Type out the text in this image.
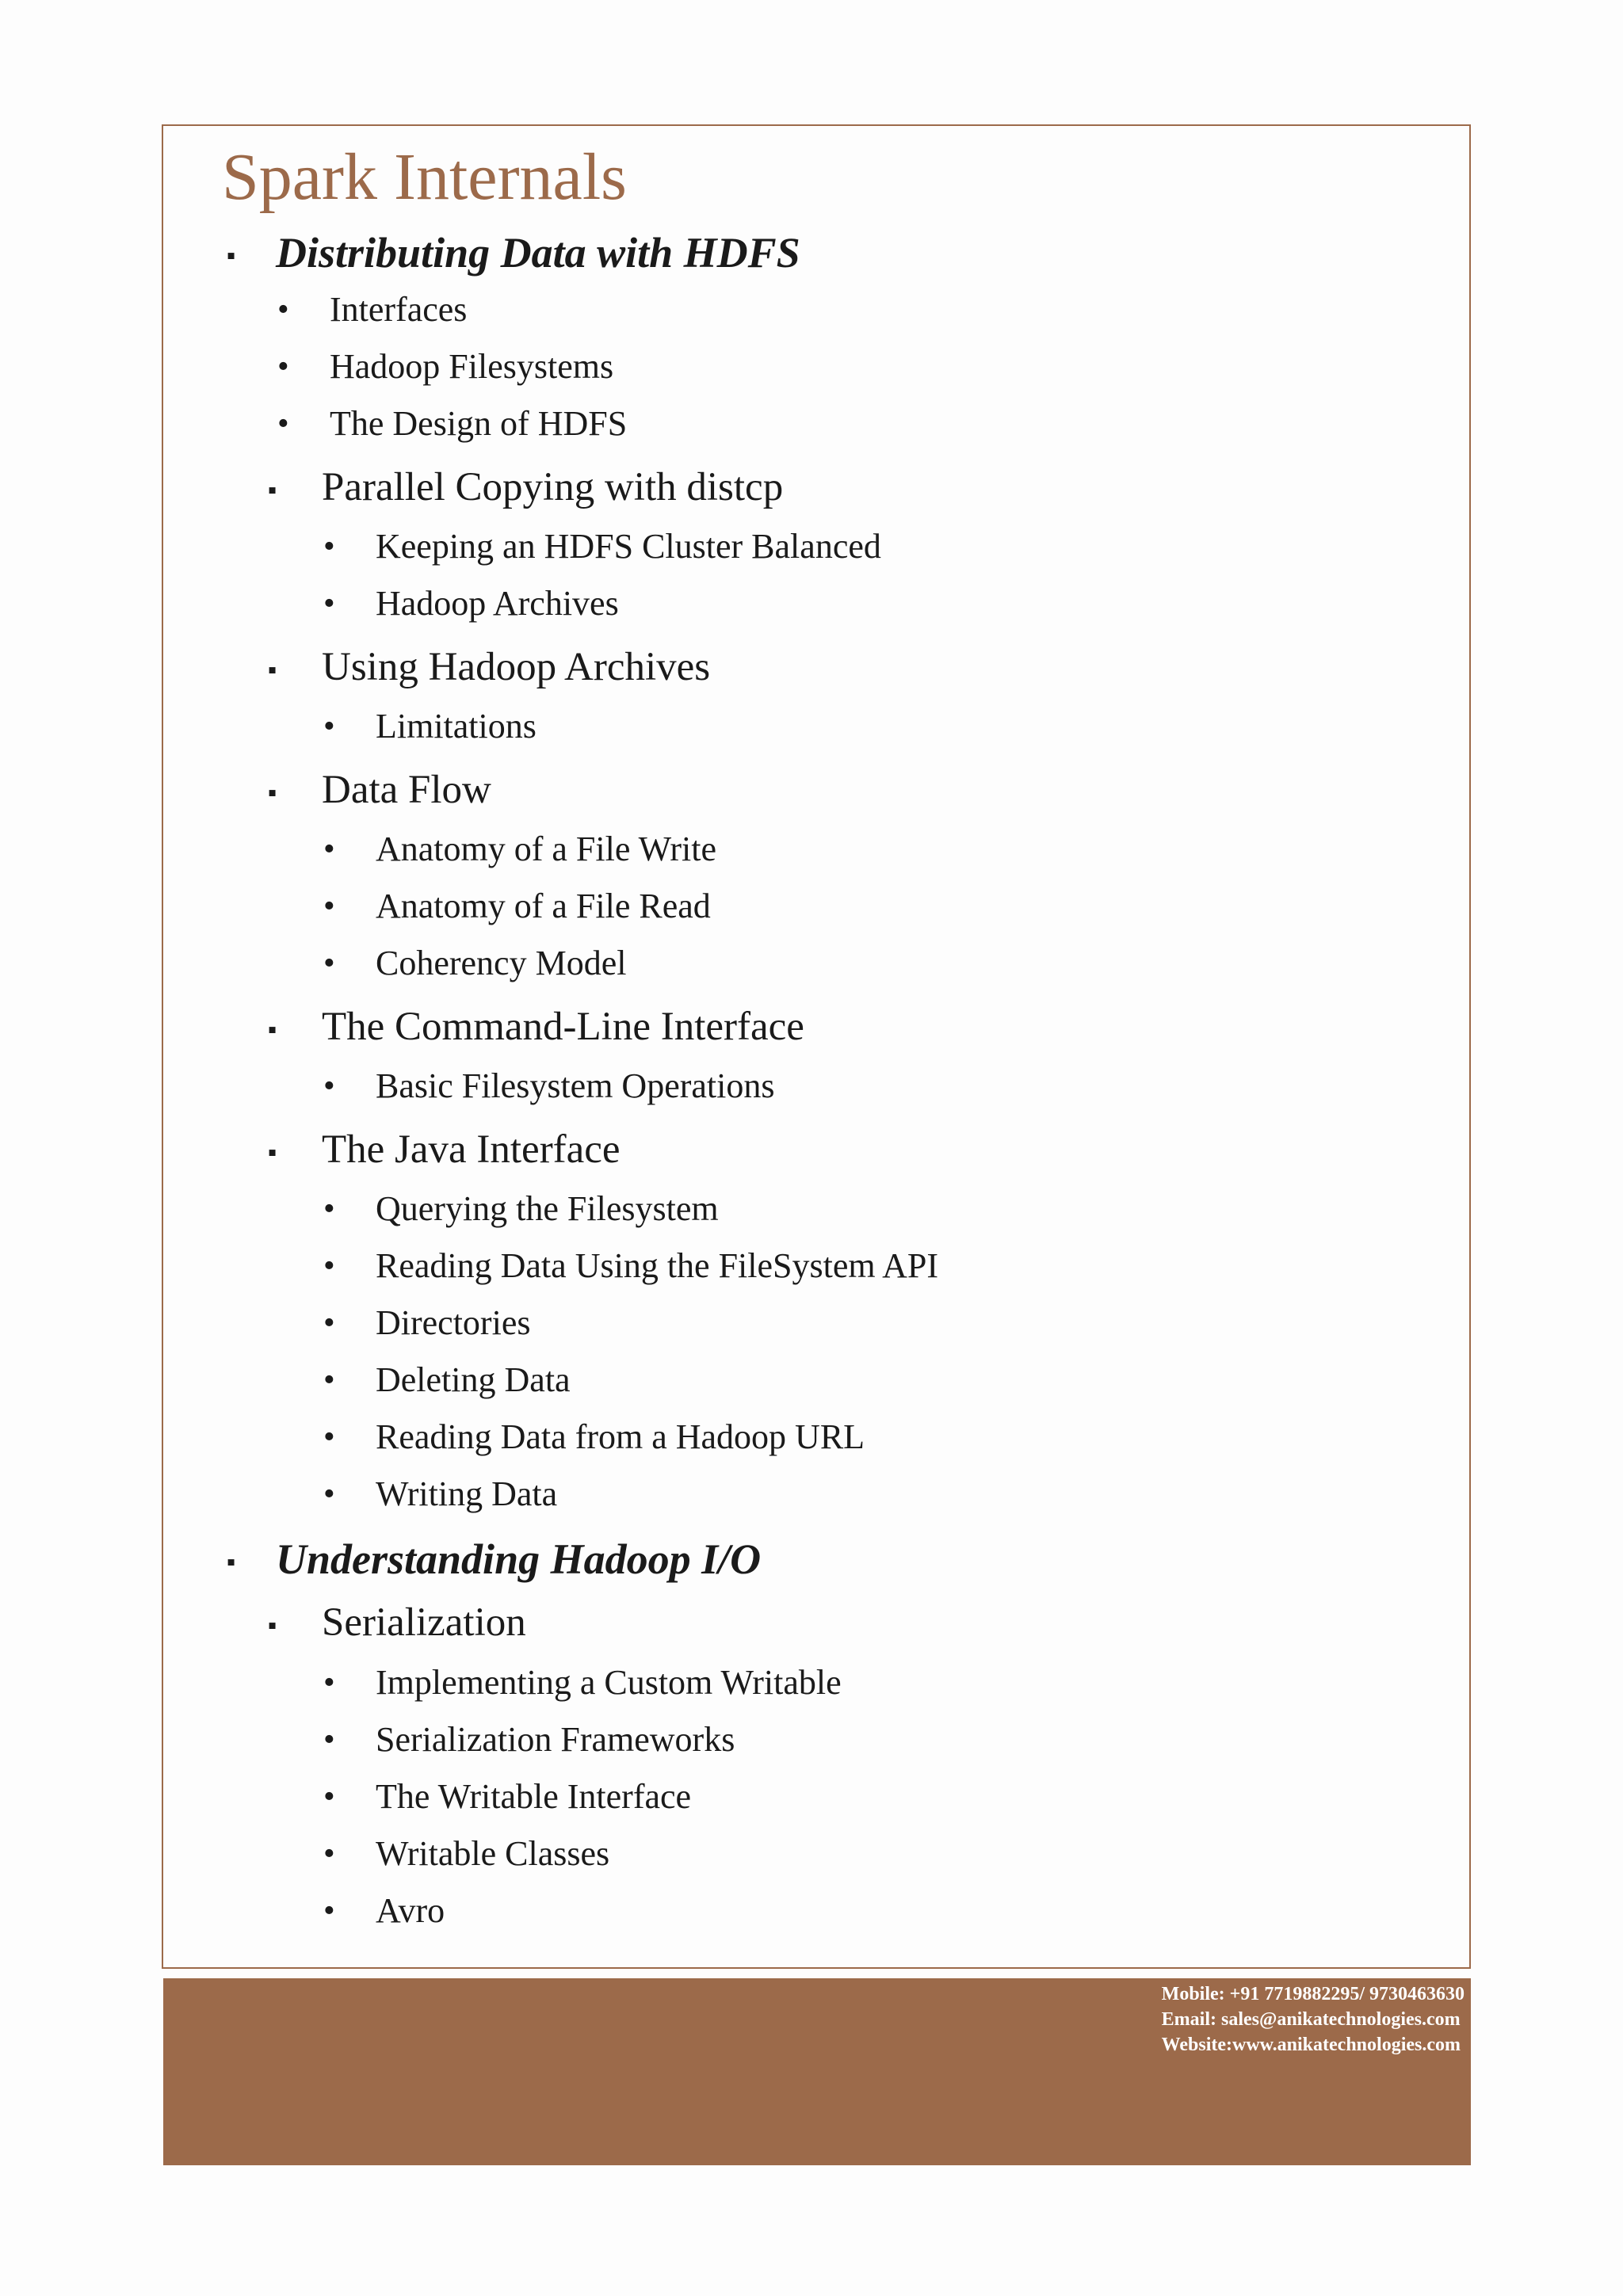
Spark Internals
▪ Distributing Data with HDFS
• Interfaces
• Hadoop Filesystems
• The Design of HDFS
▪ Parallel Copying with distcp
• Keeping an HDFS Cluster Balanced
• Hadoop Archives
▪ Using Hadoop Archives
• Limitations
▪ Data Flow
• Anatomy of a File Write
• Anatomy of a File Read
• Coherency Model
▪ The Command-Line Interface
• Basic Filesystem Operations
▪ The Java Interface
• Querying the Filesystem
• Reading Data Using the FileSystem API
• Directories
• Deleting Data
• Reading Data from a Hadoop URL
• Writing Data
▪ Understanding Hadoop I/O
▪ Serialization
• Implementing a Custom Writable
• Serialization Frameworks
• The Writable Interface
• Writable Classes
• Avro
Mobile: +91 7719882295/ 9730463630
Email: sales@anikatechnologies.com
Website:www.anikatechnologies.com
